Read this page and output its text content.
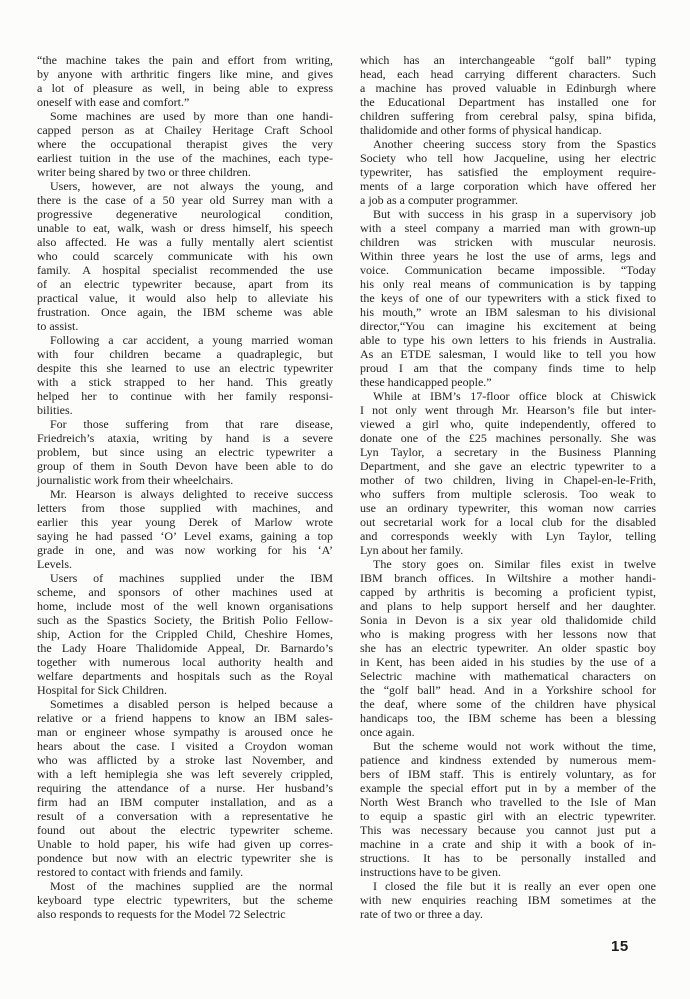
“the machine takes the pain and effort from writing,
by anyone with arthritic fingers like mine, and gives
a lot of pleasure as well, in being able to express
oneself with ease and comfort.”
Some machines are used by more than one handi-
capped person as at Chailey Heritage Craft School
where the occupational therapist gives the very
earliest tuition in the use of the machines, each type-
writer being shared by two or three children.
Users, however, are not always the young, and
there is the case of a 50 year old Surrey man with a
progressive degenerative neurological condition,
unable to eat, walk, wash or dress himself, his speech
also affected. He was a fully mentally alert scientist
who could scarcely communicate with his own
family. A hospital specialist recommended the use
of an electric typewriter because, apart from its
practical value, it would also help to alleviate his
frustration. Once again, the IBM scheme was able
to assist.
Following a car accident, a young married woman
with four children became a quadraplegic, but
despite this she learned to use an electric typewriter
with a stick strapped to her hand. This greatly
helped her to continue with her family responsi-
bilities.
For those suffering from that rare disease,
Friedreich’s ataxia, writing by hand is a severe
problem, but since using an electric typewriter a
group of them in South Devon have been able to do
journalistic work from their wheelchairs.
Mr. Hearson is always delighted to receive success
letters from those supplied with machines, and
earlier this year young Derek of Marlow wrote
saying he had passed ‘O’ Level exams, gaining a top
grade in one, and was now working for his ‘A’
Levels.
Users of machines supplied under the IBM
scheme, and sponsors of other machines used at
home, include most of the well known organisations
such as the Spastics Society, the British Polio Fellow-
ship, Action for the Crippled Child, Cheshire Homes,
the Lady Hoare Thalidomide Appeal, Dr. Barnardo’s
together with numerous local authority health and
welfare departments and hospitals such as the Royal
Hospital for Sick Children.
Sometimes a disabled person is helped because a
relative or a friend happens to know an IBM sales-
man or engineer whose sympathy is aroused once he
hears about the case. I visited a Croydon woman
who was afflicted by a stroke last November, and
with a left hemiplegia she was left severely crippled,
requiring the attendance of a nurse. Her husband’s
firm had an IBM computer installation, and as a
result of a conversation with a representative he
found out about the electric typewriter scheme.
Unable to hold paper, his wife had given up corres-
pondence but now with an electric typewriter she is
restored to contact with friends and family.
Most of the machines supplied are the normal
keyboard type electric typewriters, but the scheme
also responds to requests for the Model 72 Selectric
which has an interchangeable “golf ball” typing
head, each head carrying different characters. Such
a machine has proved valuable in Edinburgh where
the Educational Department has installed one for
children suffering from cerebral palsy, spina bifida,
thalidomide and other forms of physical handicap.
Another cheering success story from the Spastics
Society who tell how Jacqueline, using her electric
typewriter, has satisfied the employment require-
ments of a large corporation which have offered her
a job as a computer programmer.
But with success in his grasp in a supervisory job
with a steel company a married man with grown-up
children was stricken with muscular neurosis.
Within three years he lost the use of arms, legs and
voice. Communication became impossible. “Today
his only real means of communication is by tapping
the keys of one of our typewriters with a stick fixed to
his mouth,” wrote an IBM salesman to his divisional
director,“You can imagine his excitement at being
able to type his own letters to his friends in Australia.
As an ETDE salesman, I would like to tell you how
proud I am that the company finds time to help
these handicapped people.”
While at IBM’s 17-floor office block at Chiswick
I not only went through Mr. Hearson’s file but inter-
viewed a girl who, quite independently, offered to
donate one of the £25 machines personally. She was
Lyn Taylor, a secretary in the Business Planning
Department, and she gave an electric typewriter to a
mother of two children, living in Chapel-en-le-Frith,
who suffers from multiple sclerosis. Too weak to
use an ordinary typewriter, this woman now carries
out secretarial work for a local club for the disabled
and corresponds weekly with Lyn Taylor, telling
Lyn about her family.
The story goes on. Similar files exist in twelve
IBM branch offices. In Wiltshire a mother handi-
capped by arthritis is becoming a proficient typist,
and plans to help support herself and her daughter.
Sonia in Devon is a six year old thalidomide child
who is making progress with her lessons now that
she has an electric typewriter. An older spastic boy
in Kent, has been aided in his studies by the use of a
Selectric machine with mathematical characters on
the “golf ball” head. And in a Yorkshire school for
the deaf, where some of the children have physical
handicaps too, the IBM scheme has been a blessing
once again.
But the scheme would not work without the time,
patience and kindness extended by numerous mem-
bers of IBM staff. This is entirely voluntary, as for
example the special effort put in by a member of the
North West Branch who travelled to the Isle of Man
to equip a spastic girl with an electric typewriter.
This was necessary because you cannot just put a
machine in a crate and ship it with a book of in-
structions. It has to be personally installed and
instructions have to be given.
I closed the file but it is really an ever open one
with new enquiries reaching IBM sometimes at the
rate of two or three a day.
15
